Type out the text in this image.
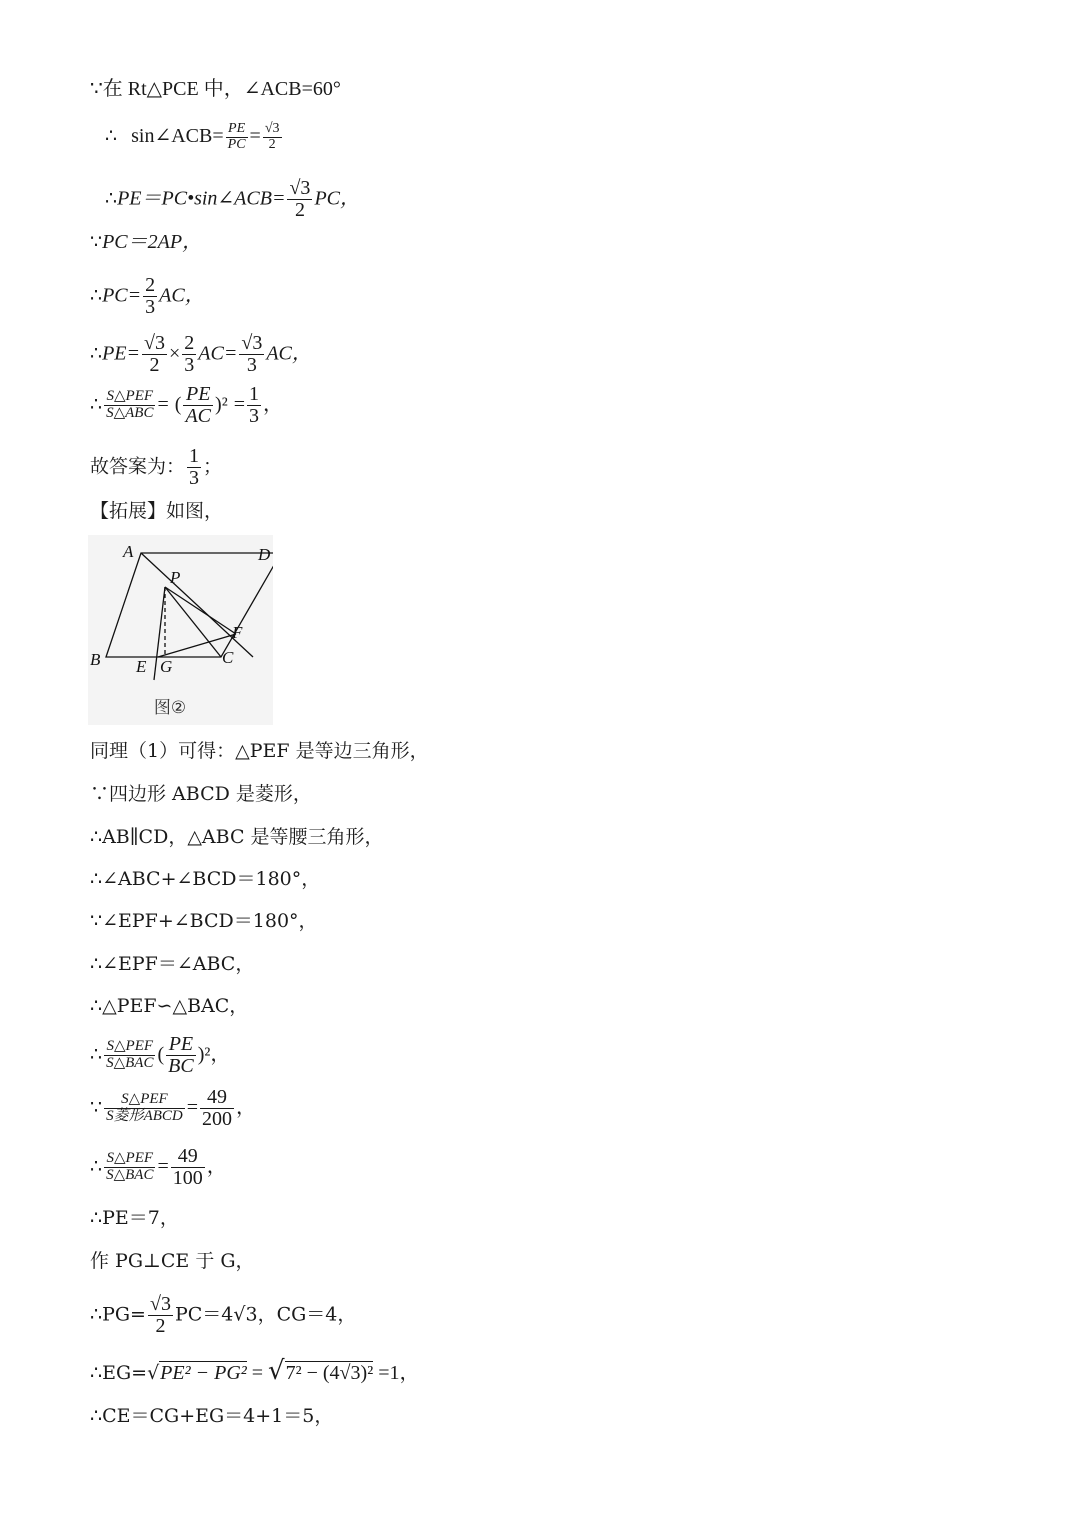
∵在 Rt△PCE 中，∠ACB=60°
∴ sin∠ACB= $\frac{PE}{PC} = \frac{√3}{2}$
∴PE＝PC•sin∠ACB= $\frac{√3}{2}$ PC，
∵PC＝2AP，
∴PC= $\frac{2}{3}$ AC，
∴PE= $\frac{√3}{2} \times \frac{2}{3} AC= \frac{√3}{3}$ AC，
∴ $\frac{\text{S△PEF}}{\text{S△ABC}}$ = ( $\frac{PE}{AC} )^2 = \frac{1}{3}$ ，
故答案为： $\frac{1}{3}$ ；
【拓展】如图，
A	D
P
F
B E G	C
图②
同理（1）可得：△PEF 是等边三角形，
∵四边形 ABCD 是菱形，
∴AB∥CD，△ABC 是等腰三角形，
∴∠ABC+∠BCD＝180°，
∵∠EPF+∠BCD＝180°，
∴∠EPF＝∠ABC，
∴△PEF∽△BAC，
∴ $\frac{\text{S△PEF}}{\text{S△BAC}}$ ( $\frac{PE}{BC} )^2$，
∵ $\frac{\text{S△PEF}}{\text{S菱形ABCD}} = \frac{49}{200}$ ，
∴ $\frac{\text{S△PEF}}{\text{S△BAC}} = \frac{49}{100}$ ，
∴PE＝7，
作 PG⊥CE 于 G，
∴PG= $\frac{√3}{2} PC=4√3$，CG＝4，
∴EG=√PE² − PG² = √7² − (4√3)² =1，
∴CE＝CG+EG＝4+1＝5，
